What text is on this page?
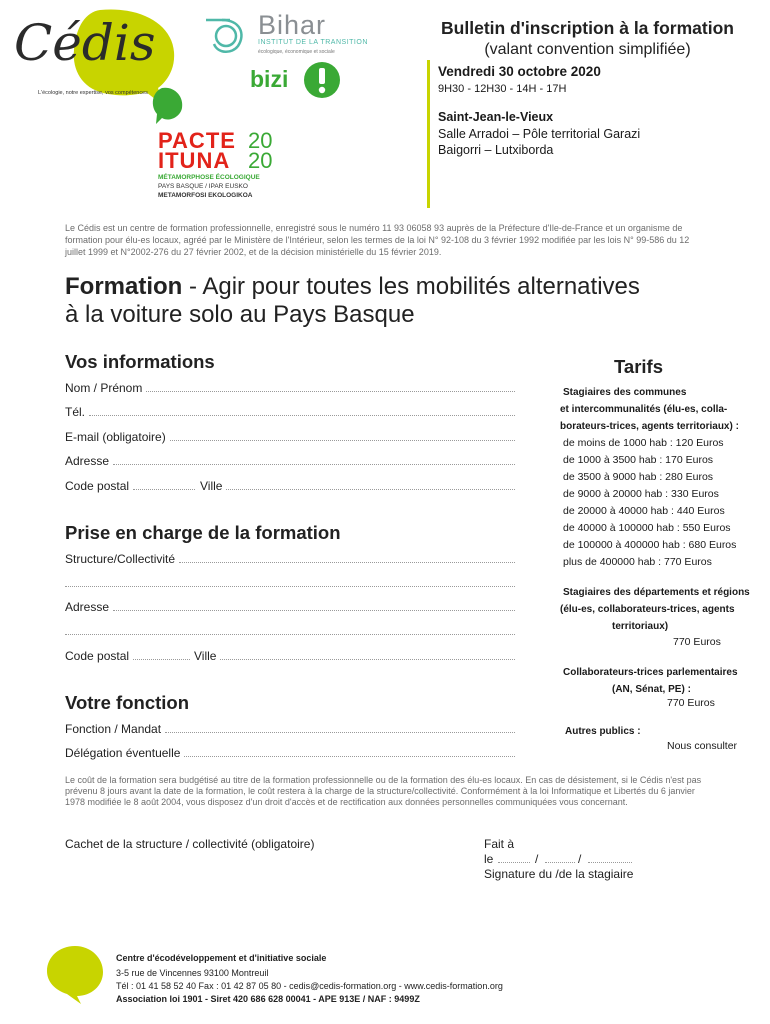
Cédis
L'écologie, notre expertise, vos compétences
Bihar
INSTITUT DE LA TRANSITION
écologique, économique et sociale
bizi
PACTE 20
ITUNA 20
MÉTAMORPHOSE ÉCOLOGIQUE
PAYS BASQUE / IPAR EUSKO
METAMORFOSI EKOLOGIKOA
Bulletin d'inscription à la formation
(valant convention simplifiée)
Vendredi 30 octobre 2020
9H30 - 12H30 - 14H - 17H
Saint-Jean-le-Vieux
Salle Arradoi – Pôle territorial Garazi
Baigorri – Lutxiborda
Le Cédis est un centre de formation professionnelle, enregistré sous le numéro 11 93 06058 93 auprès de la Préfecture d'Ile-de-France et un organisme de formation pour élu-es locaux, agréé par le Ministère de l'Intérieur, selon les termes de la loi N° 92-108 du 3 février 1992 modifiée par les lois N° 99-586 du 12 juillet 1999 et N°2002-276 du 27 février 2002, et de la décision ministérielle du 15 février 2019.
Formation - Agir pour toutes les mobilités alternatives
à la voiture solo au Pays Basque
Vos informations
Nom / Prénom
Tél.
E-mail (obligatoire)
Adresse
Code postal	Ville
Prise en charge de la formation
Structure/Collectivité
Adresse
Code postal	Ville
Votre fonction
Fonction / Mandat
Délégation éventuelle
Tarifs
Stagiaires des communes
et intercommunalités (élu-es, colla-
borateurs-trices, agents territoriaux) :
de moins de 1000 hab : 120 Euros
de 1000 à 3500 hab : 170 Euros
de 3500 à 9000 hab : 280 Euros
de 9000 à 20000 hab : 330 Euros
de 20000 à 40000 hab : 440 Euros
de 40000 à 100000 hab : 550 Euros
de 100000 à 400000 hab : 680 Euros
plus de 400000 hab : 770 Euros
Stagiaires des départements et régions
(élu-es, collaborateurs-trices, agents
territoriaux)
770 Euros
Collaborateurs-trices parlementaires
(AN, Sénat, PE) :
770 Euros
Autres publics :
Nous consulter
Le coût de la formation sera budgétisé au titre de la formation professionnelle ou de la formation des élu-es locaux. En cas de désistement, si le Cédis n'est pas prévenu 8 jours avant la date de la formation, le coût restera à la charge de la structure/collectivité. Conformément à la loi Informatique et Libertés du 6 janvier 1978 modifiée le 8 août 2004, vous disposez d'un droit d'accès et de rectification aux données personnelles communiquées vous concernant.
Cachet de la structure / collectivité (obligatoire)	Fait à
le	/	/
Signature du /de la stagiaire
Centre d'écodéveloppement et d'initiative sociale
3-5 rue de Vincennes 93100 Montreuil
Tél : 01 41 58 52 40 Fax : 01 42 87 05 80 - cedis@cedis-formation.org - www.cedis-formation.org
Association loi 1901 - Siret 420 686 628 00041 - APE 913E / NAF : 9499Z
